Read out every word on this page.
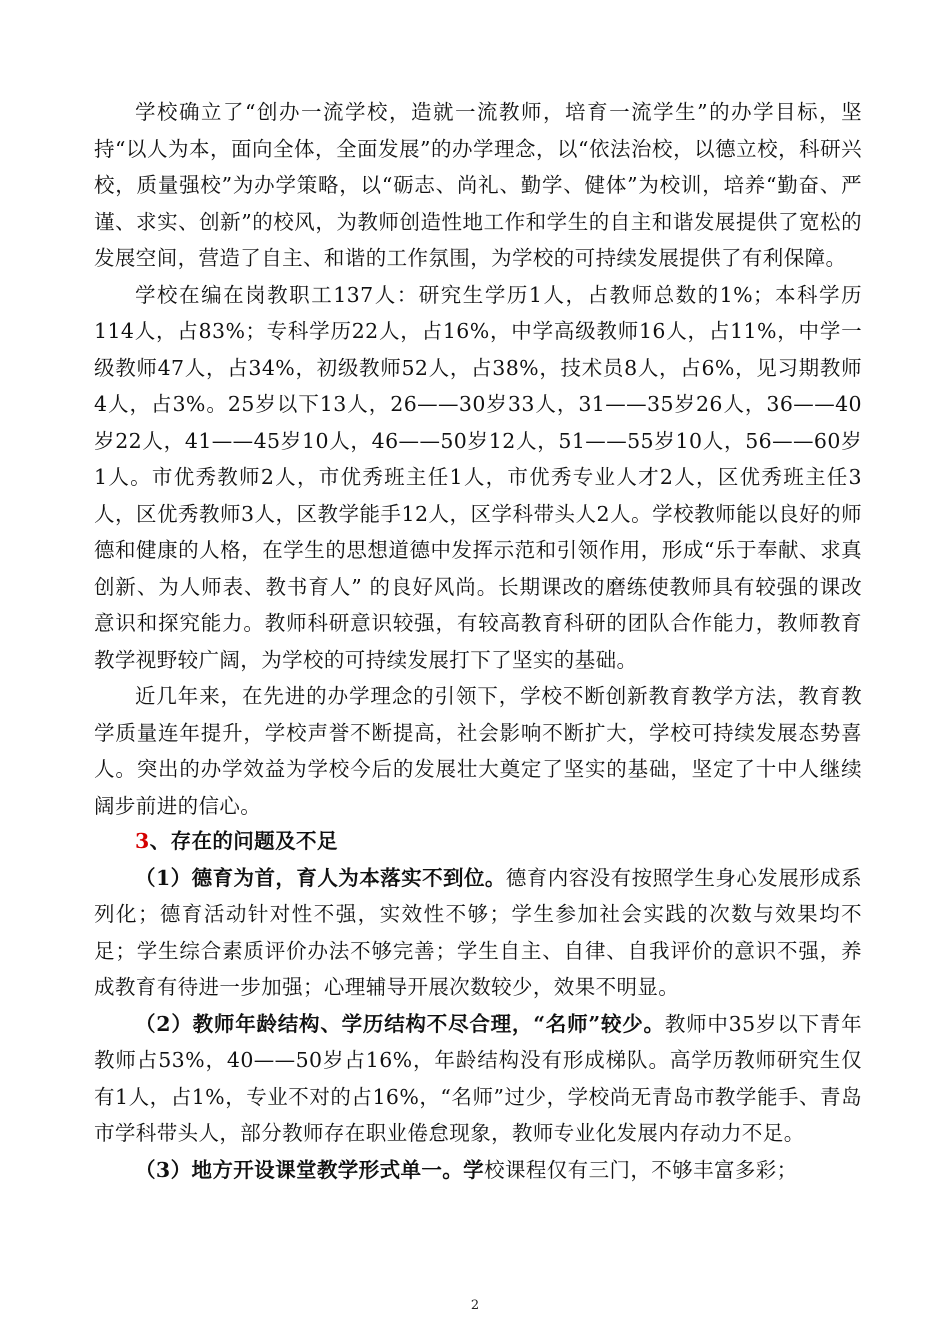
学校确立了“创办一流学校，造就一流教师，培育一流学生”的办学目标，坚持“以人为本，面向全体，全面发展”的办学理念，以“依法治校，以德立校，科研兴校，质量强校”为办学策略，以“砺志、尚礼、勤学、健体”为校训，培养“勤奋、严谨、求实、创新”的校风，为教师创造性地工作和学生的自主和谐发展提供了宽松的发展空间，营造了自主、和谐的工作氛围，为学校的可持续发展提供了有利保障。

学校在编在岗教职工137人：研究生学历1人，占教师总数的1%；本科学历114人，占83%；专科学历22人，占16%，中学高级教师16人，占11%，中学一级教师47人，占34%，初级教师52人，占38%，技术员8人，占6%，见习期教师4人，占3%。25岁以下13人，26——30岁33人，31——35岁26人，36——40岁22人，41——45岁10人，46——50岁12人，51——55岁10人，56——60岁1人。市优秀教师2人，市优秀班主任1人，市优秀专业人才2人，区优秀班主任3人，区优秀教师3人，区教学能手12人，区学科带头人2人。学校教师能以良好的师德和健康的人格，在学生的思想道德中发挥示范和引领作用，形成“乐于奉献、求真创新、为人师表、教书育人” 的良好风尚。长期课改的磨练使教师具有较强的课改意识和探究能力。教师科研意识较强，有较高教育科研的团队合作能力，教师教育教学视野较广阔，为学校的可持续发展打下了坚实的基础。

近几年来，在先进的办学理念的引领下，学校不断创新教育教学方法，教育教学质量连年提升，学校声誉不断提高，社会影响不断扩大，学校可持续发展态势喜人。突出的办学效益为学校今后的发展壮大奠定了坚实的基础，坚定了十中人继续阔步前进的信心。

3、存在的问题及不足

（1）德育为首，育人为本落实不到位。德育内容没有按照学生身心发展形成系列化；德育活动针对性不强，实效性不够；学生参加社会实践的次数与效果均不足；学生综合素质评价办法不够完善；学生自主、自律、自我评价的意识不强，养成教育有待进一步加强；心理辅导开展次数较少，效果不明显。

（2）教师年龄结构、学历结构不尽合理，“名师”较少。教师中35岁以下青年教师占53%，40——50岁占16%，年龄结构没有形成梯队。高学历教师研究生仅有1人，占1%，专业不对的占16%，“名师”过少，学校尚无青岛市教学能手、青岛市学科带头人，部分教师存在职业倦怠现象，教师专业化发展内存动力不足。

（3）地方开设课堂教学形式单一。学校课程仅有三门，不够丰富多彩；

2
